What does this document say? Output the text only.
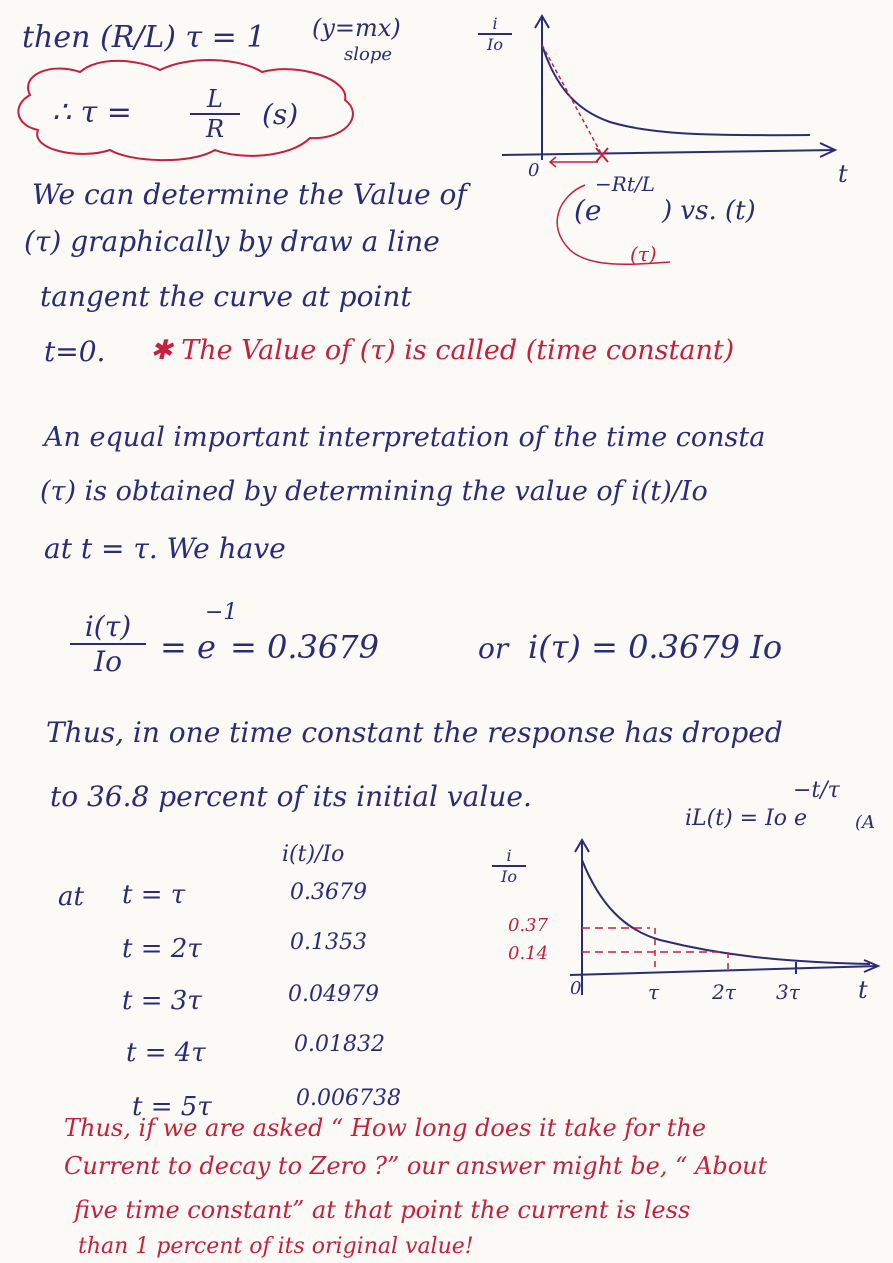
then (R/L) τ = 1 (y=mx)
slope
∴ $\tau = \frac{L}{R} (s)$
$\frac{i}{Io}$
0	t
(e
−Rt/L
) vs. (t)
(τ)
We can determine the Value of
(τ) graphically by draw a line
tangent the curve at point
t=0. ✱ The Value of (τ) is called (time constant)
An equal important interpretation of the time consta
(τ) is obtained by determining the value of i(t)/Io
at t = τ. We have
$\frac{i(\tau)}{Io} = e$
−1
= 0.3679	or i(τ) = 0.3679 Io
Thus, in one time constant the response has droped
to 36.8 percent of its initial value.
iL(t) = Io e
−t/τ
(A
i(t)/Io
at t = τ	0.3679
t = 2τ	0.1353
t = 3τ	0.04979
t = 4τ	0.01832
t = 5τ	0.006738
$\frac{i}{Io}$
0.37
0.14
0	τ	2τ 3τ t
Thus, if we are asked “ How long does it take for the
Current to decay to Zero ?” our answer might be, “ About
five time constant” at that point the current is less
than 1 percent of its original value!
